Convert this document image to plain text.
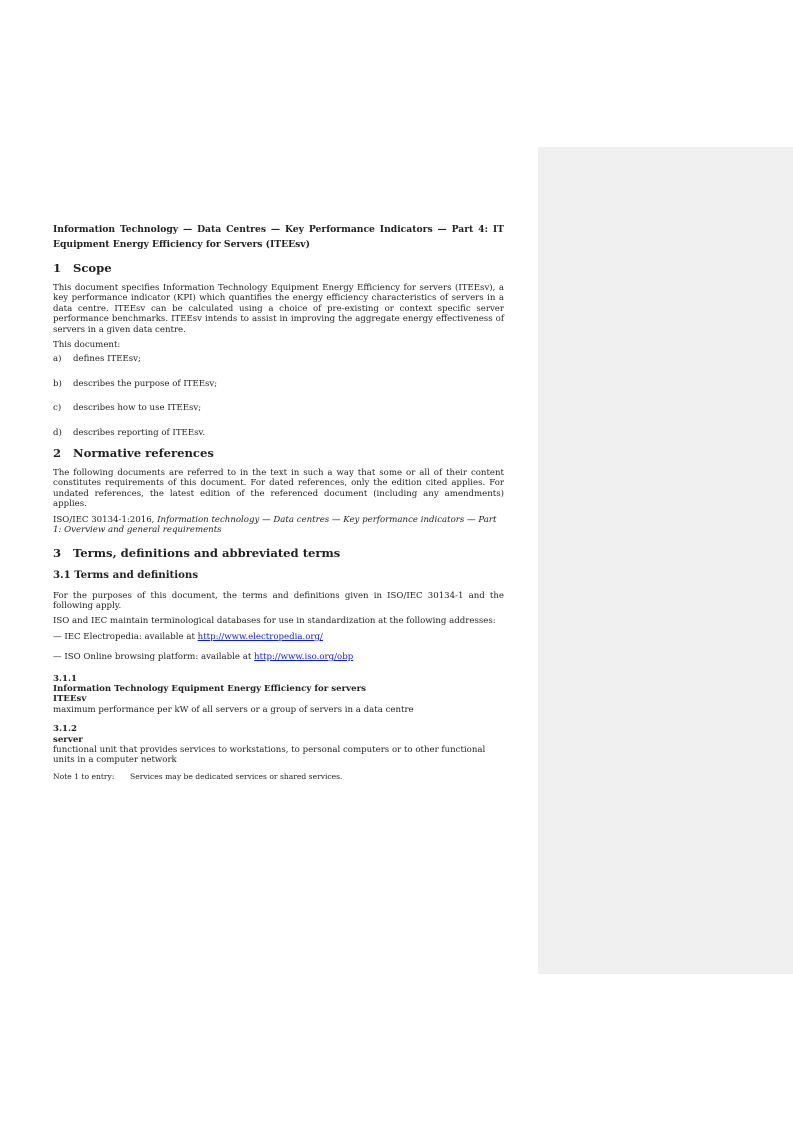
Information Technology — Data Centres — Key Performance Indicators — Part 4: IT Equipment Energy Efficiency for Servers (ITEEsv)
1 Scope

This document specifies Information Technology Equipment Energy Efficiency for servers (ITEEsv), a key performance indicator (KPI) which quantifies the energy efficiency characteristics of servers in a data centre. ITEEsv can be calculated using a choice of pre-existing or context specific server performance benchmarks. ITEEsv intends to assist in improving the aggregate energy effectiveness of servers in a given data centre.

This document:

a)	defines ITEEsv;
b)	describes the purpose of ITEEsv;
c)	describes how to use ITEEsv;
d)	describes reporting of ITEEsv.
2 Normative references

The following documents are referred to in the text in such a way that some or all of their content constitutes requirements of this document. For dated references, only the edition cited applies. For undated references, the latest edition of the referenced document (including any amendments) applies.

ISO/IEC 30134-1:2016, Information technology — Data centres — Key performance indicators — Part 1: Overview and general requirements

3 Terms, definitions and abbreviated terms
3.1 Terms and definitions

For the purposes of this document, the terms and definitions given in ISO/IEC 30134-1 and the following apply.

ISO and IEC maintain terminological databases for use in standardization at the following addresses:

— IEC Electropedia: available at http://www.electropedia.org/

— ISO Online browsing platform: available at http://www.iso.org/obp

3.1.1
Information Technology Equipment Energy Efficiency for servers
ITEEsv
maximum performance per kW of all servers or a group of servers in a data centre
3.1.2
server
functional unit that provides services to workstations, to personal computers or to other functional units in a computer network
Note 1 to entry:	Services may be dedicated services or shared services.
